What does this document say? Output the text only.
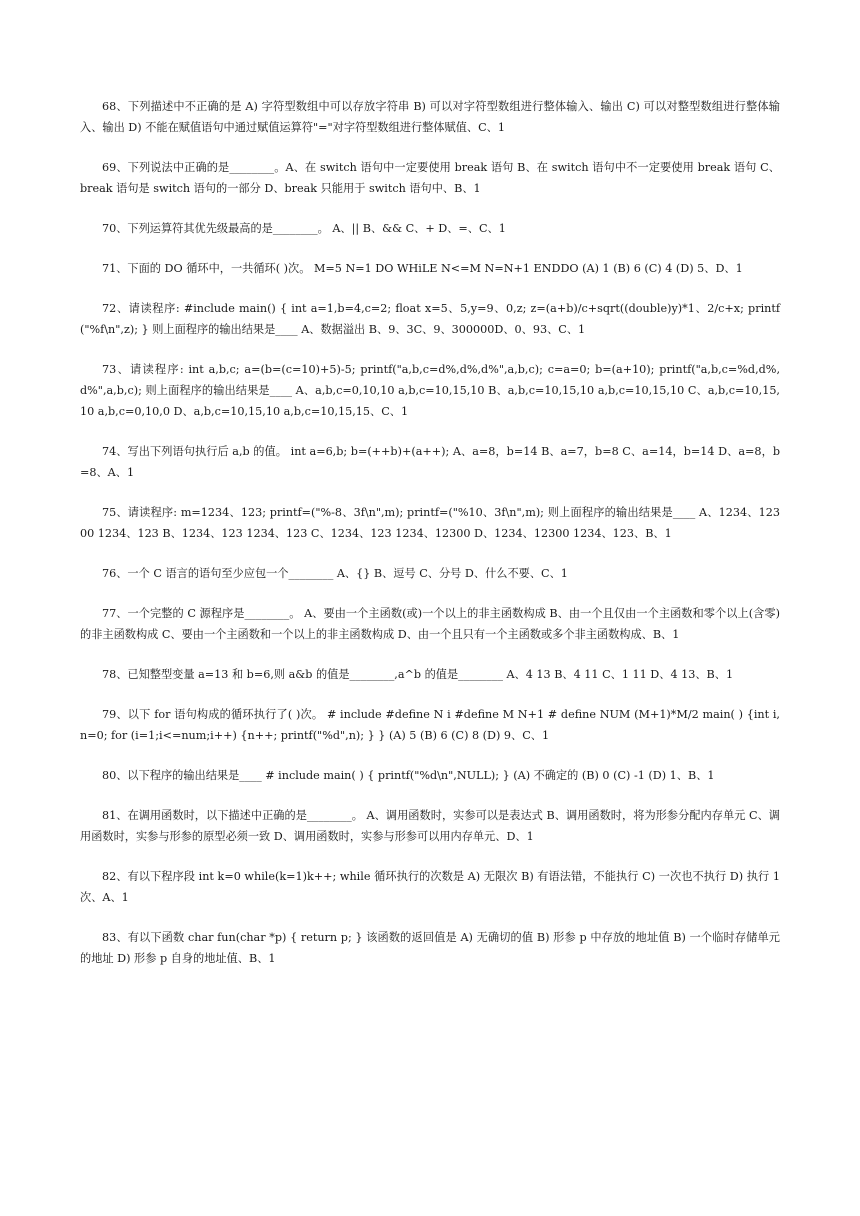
68、下列描述中不正确的是 A) 字符型数组中可以存放字符串 B) 可以对字符型数组进行整体输入、输出 C) 可以对整型数组进行整体输入、输出 D) 不能在赋值语句中通过赋值运算符"="对字符型数组进行整体赋值、C、1

69、下列说法中正确的是________。A、在 switch 语句中一定要使用 break 语句 B、在 switch 语句中不一定要使用 break 语句 C、break 语句是 switch 语句的一部分 D、break 只能用于 switch 语句中、B、1

70、下列运算符其优先级最高的是________。 A、|| B、&& C、+ D、=、C、1

71、下面的 DO 循环中，一共循环( )次。 M=5 N=1 DO WHiLE N<=M N=N+1 ENDDO (A) 1 (B) 6 (C) 4 (D) 5、D、1

72、请读程序: #include main() { int a=1,b=4,c=2; float x=5、5,y=9、0,z; z=(a+b)/c+sqrt((double)y)*1、2/c+x; printf("%f\n",z); } 则上面程序的输出结果是____ A、数据溢出 B、9、3C、9、300000D、0、93、C、1

73、请读程序: int a,b,c; a=(b=(c=10)+5)-5; printf("a,b,c=d%,d%,d%",a,b,c); c=a=0; b=(a+10); printf("a,b,c=%d,d%,d%",a,b,c); 则上面程序的输出结果是____ A、a,b,c=0,10,10 a,b,c=10,15,10 B、a,b,c=10,15,10 a,b,c=10,15,10 C、a,b,c=10,15,10 a,b,c=0,10,0 D、a,b,c=10,15,10 a,b,c=10,15,15、C、1

74、写出下列语句执行后 a,b 的值。 int a=6,b; b=(++b)+(a++); A、a=8，b=14 B、a=7，b=8 C、a=14，b=14 D、a=8，b=8、A、1

75、请读程序: m=1234、123; printf=("%-8、3f\n",m); printf=("%10、3f\n",m); 则上面程序的输出结果是____ A、1234、12300 1234、123 B、1234、123 1234、123 C、1234、123 1234、12300 D、1234、12300 1234、123、B、1

76、一个 C 语言的语句至少应包一个________ A、{} B、逗号 C、分号 D、什么不要、C、1

77、一个完整的 C 源程序是________。 A、要由一个主函数(或)一个以上的非主函数构成 B、由一个且仅由一个主函数和零个以上(含零)的非主函数构成 C、要由一个主函数和一个以上的非主函数构成 D、由一个且只有一个主函数或多个非主函数构成、B、1

78、已知整型变量 a=13 和 b=6,则 a&b 的值是________,a^b 的值是________ A、4 13 B、4 11 C、1 11 D、4 13、B、1

79、以下 for 语句构成的循环执行了( )次。 # include #define N i #define M N+1 # define NUM (M+1)*M/2 main( ) {int i,n=0; for (i=1;i<=num;i++) {n++; printf("%d",n); } } (A) 5 (B) 6 (C) 8 (D) 9、C、1

80、以下程序的输出结果是____ # include main( ) { printf("%d\n",NULL); } (A) 不确定的 (B) 0 (C) -1 (D) 1、B、1

81、在调用函数时，以下描述中正确的是________。 A、调用函数时，实参可以是表达式 B、调用函数时，将为形参分配内存单元 C、调用函数时，实参与形参的原型必须一致 D、调用函数时，实参与形参可以用内存单元、D、1

82、有以下程序段 int k=0 while(k=1)k++; while 循环执行的次数是 A) 无限次 B) 有语法错，不能执行 C) 一次也不执行 D) 执行 1 次、A、1

83、有以下函数 char fun(char *p) { return p; } 该函数的返回值是 A) 无确切的值 B) 形参 p 中存放的地址值 B) 一个临时存储单元的地址 D) 形参 p 自身的地址值、B、1
